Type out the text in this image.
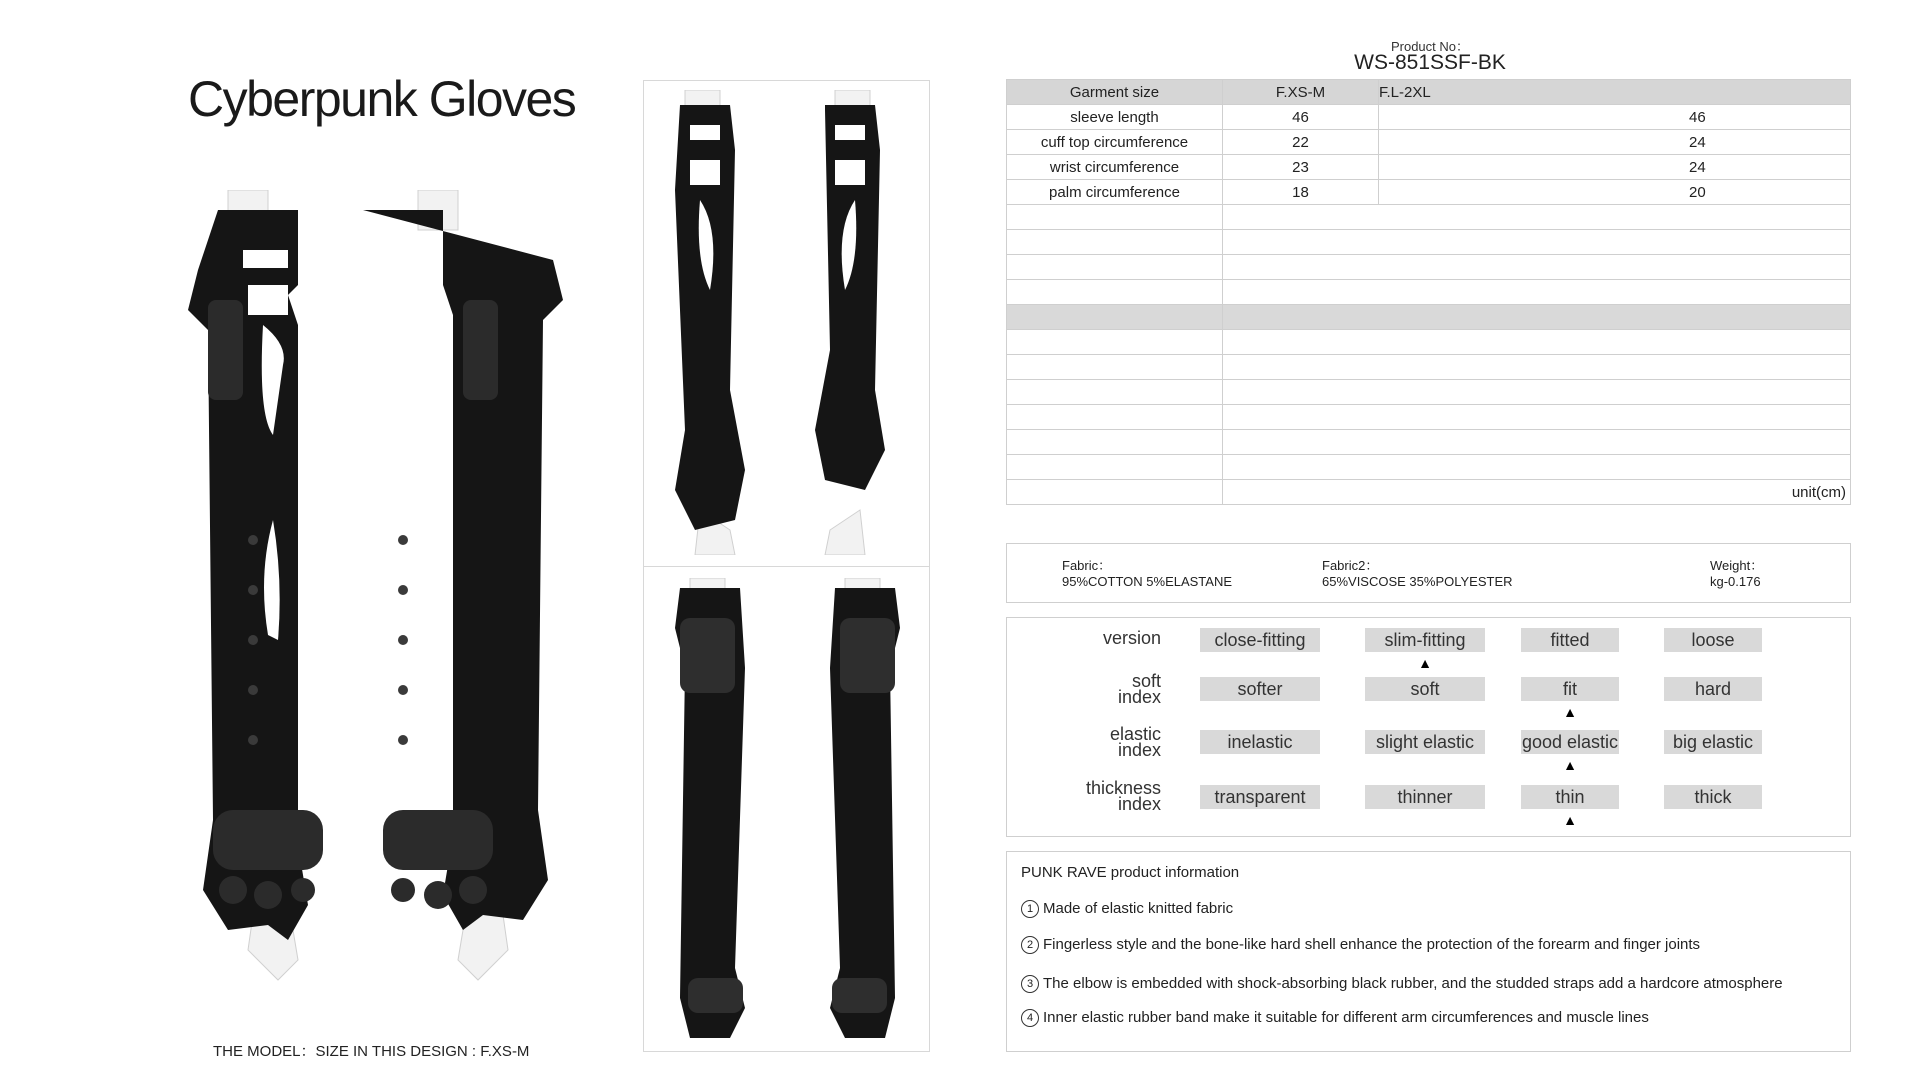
Cyberpunk Gloves
THE MODEL：SIZE IN THIS DESIGN : F.XS-M
Product No：
WS-851SSF-BK
Garment size	F.XS-M	F.L-2XL
sleeve length	46	46
cuff top circumference	22	24
wrist circumference	23	24
palm circumference	18	20

	unit(cm)	
Fabric：
95%COTTON 5%ELASTANE
Fabric2：
65%VISCOSE 35%POLYESTER
Weight：
kg-0.176
version	close-fitting	slim-fitting	fitted	loose
▲
soft
index	softer	soft	fit	hard
▲
elastic
index	inelastic	slight elastic	good elastic	big elastic
▲
thickness
index	transparent	thinner	thin	thick
▲
PUNK RAVE product information
1 Made of elastic knitted fabric
2 Fingerless style and the bone-like hard shell enhance the protection of the forearm and finger joints
3 The elbow is embedded with shock-absorbing black rubber, and the studded straps add a hardcore atmosphere
4 Inner elastic rubber band make it suitable for different arm circumferences and muscle lines
